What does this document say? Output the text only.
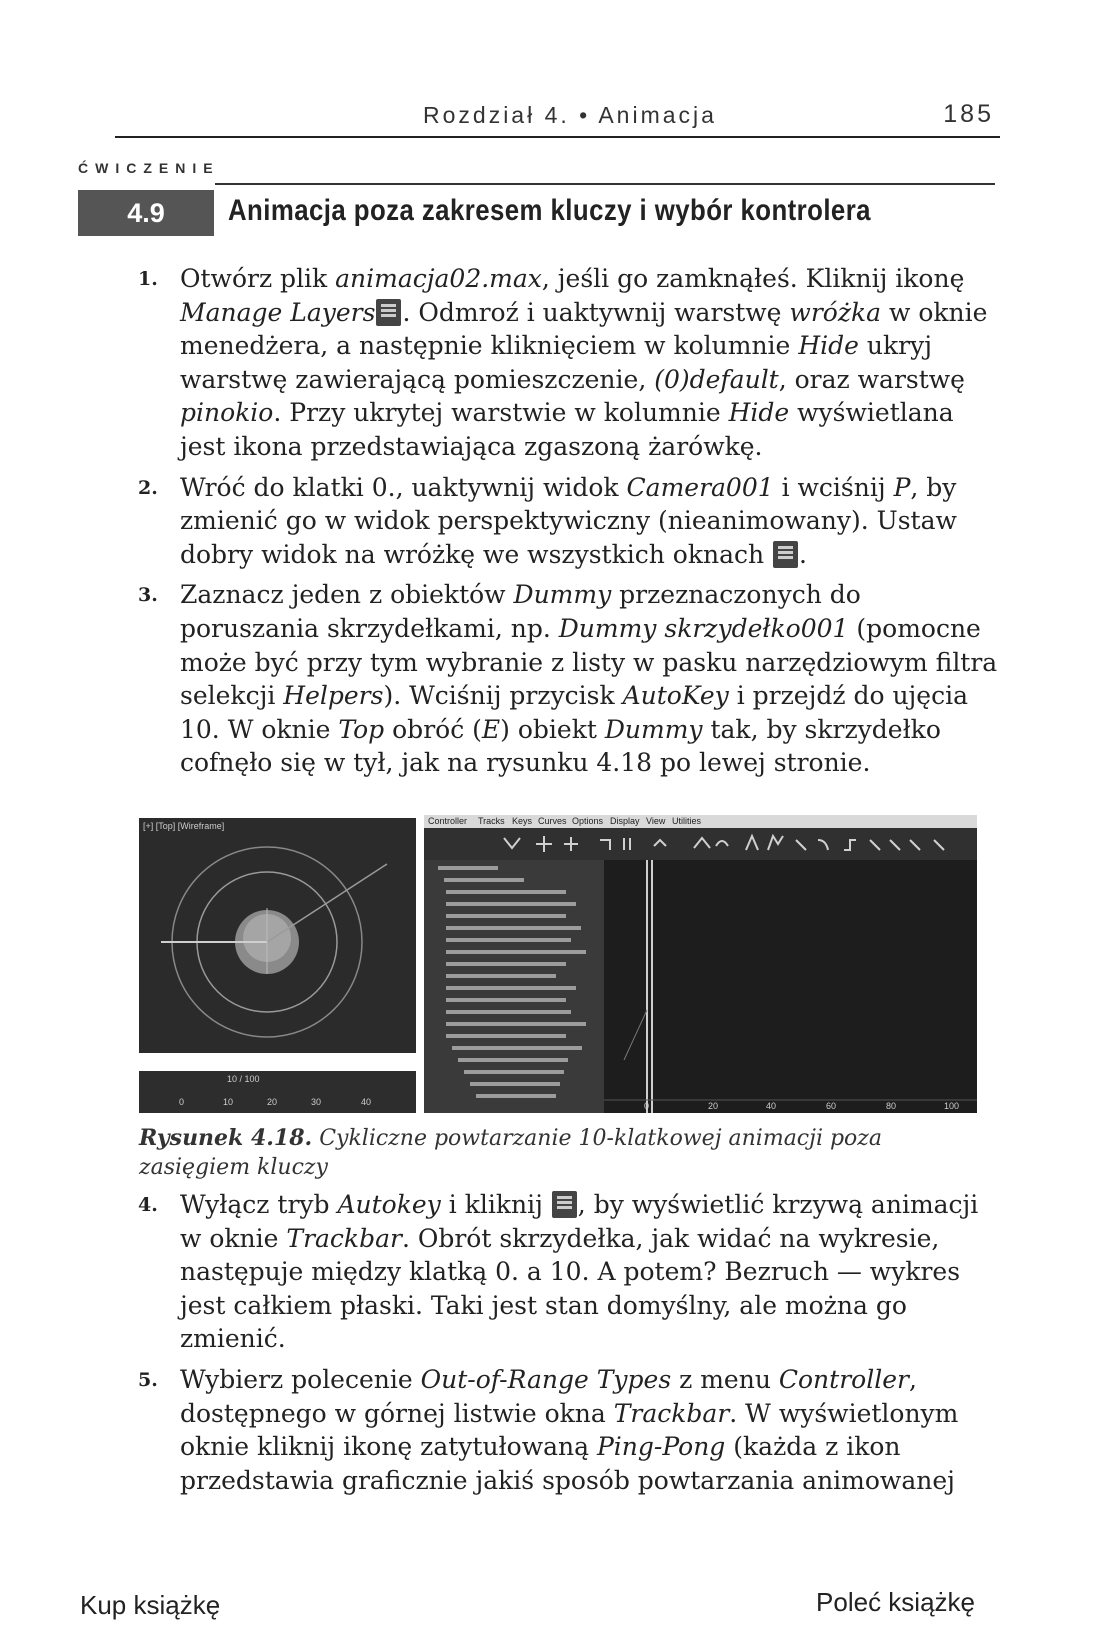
Rozdział 4. • Animacja	185
ĆWICZENIE
4.9	Animacja poza zakresem kluczy i wybór kontrolera
1. Otwórz plik animacja02.max, jeśli go zamknąłeś. Kliknij ikonę Manage Layers . Odmroź i uaktywnij warstwę wróżka w oknie menedżera, a następnie kliknięciem w kolumnie Hide ukryj warstwę zawierającą pomieszczenie, (0)default, oraz warstwę pinokio. Przy ukrytej warstwie w kolumnie Hide wyświetlana jest ikona przedstawiająca zgaszoną żarówkę.
2. Wróć do klatki 0., uaktywnij widok Camera001 i wciśnij P, by zmienić go w widok perspektywiczny (nieanimowany). Ustaw dobry widok na wróżkę we wszystkich oknach .
3. Zaznacz jeden z obiektów Dummy przeznaczonych do poruszania skrzydełkami, np. Dummy skrzydełko001 (pomocne może być przy tym wybranie z listy w pasku narzędziowym filtra selekcji Helpers). Wciśnij przycisk AutoKey i przejdź do ujęcia 10. W oknie Top obróć (E) obiekt Dummy tak, by skrzydełko cofnęło się w tył, jak na rysunku 4.18 po lewej stronie.
[+] [Top] [Wireframe]
10 / 100
0	10	20	30	40
Controller Tracks Keys Curves Options Display View Utilities
0	20	40	60	80	100
Rysunek 4.18. Cykliczne powtarzanie 10-klatkowej animacji poza zasięgiem kluczy
4. Wyłącz tryb Autokey i kliknij , by wyświetlić krzywą animacji w oknie Trackbar. Obrót skrzydełka, jak widać na wykresie, następuje między klatką 0. a 10. A potem? Bezruch — wykres jest całkiem płaski. Taki jest stan domyślny, ale można go zmienić.
5. Wybierz polecenie Out-of-Range Types z menu Controller, dostępnego w górnej listwie okna Trackbar. W wyświetlonym oknie kliknij ikonę zatytułowaną Ping-Pong (każda z ikon przedstawia graficznie jakiś sposób powtarzania animowanej
Kup książkę	Poleć książkę
